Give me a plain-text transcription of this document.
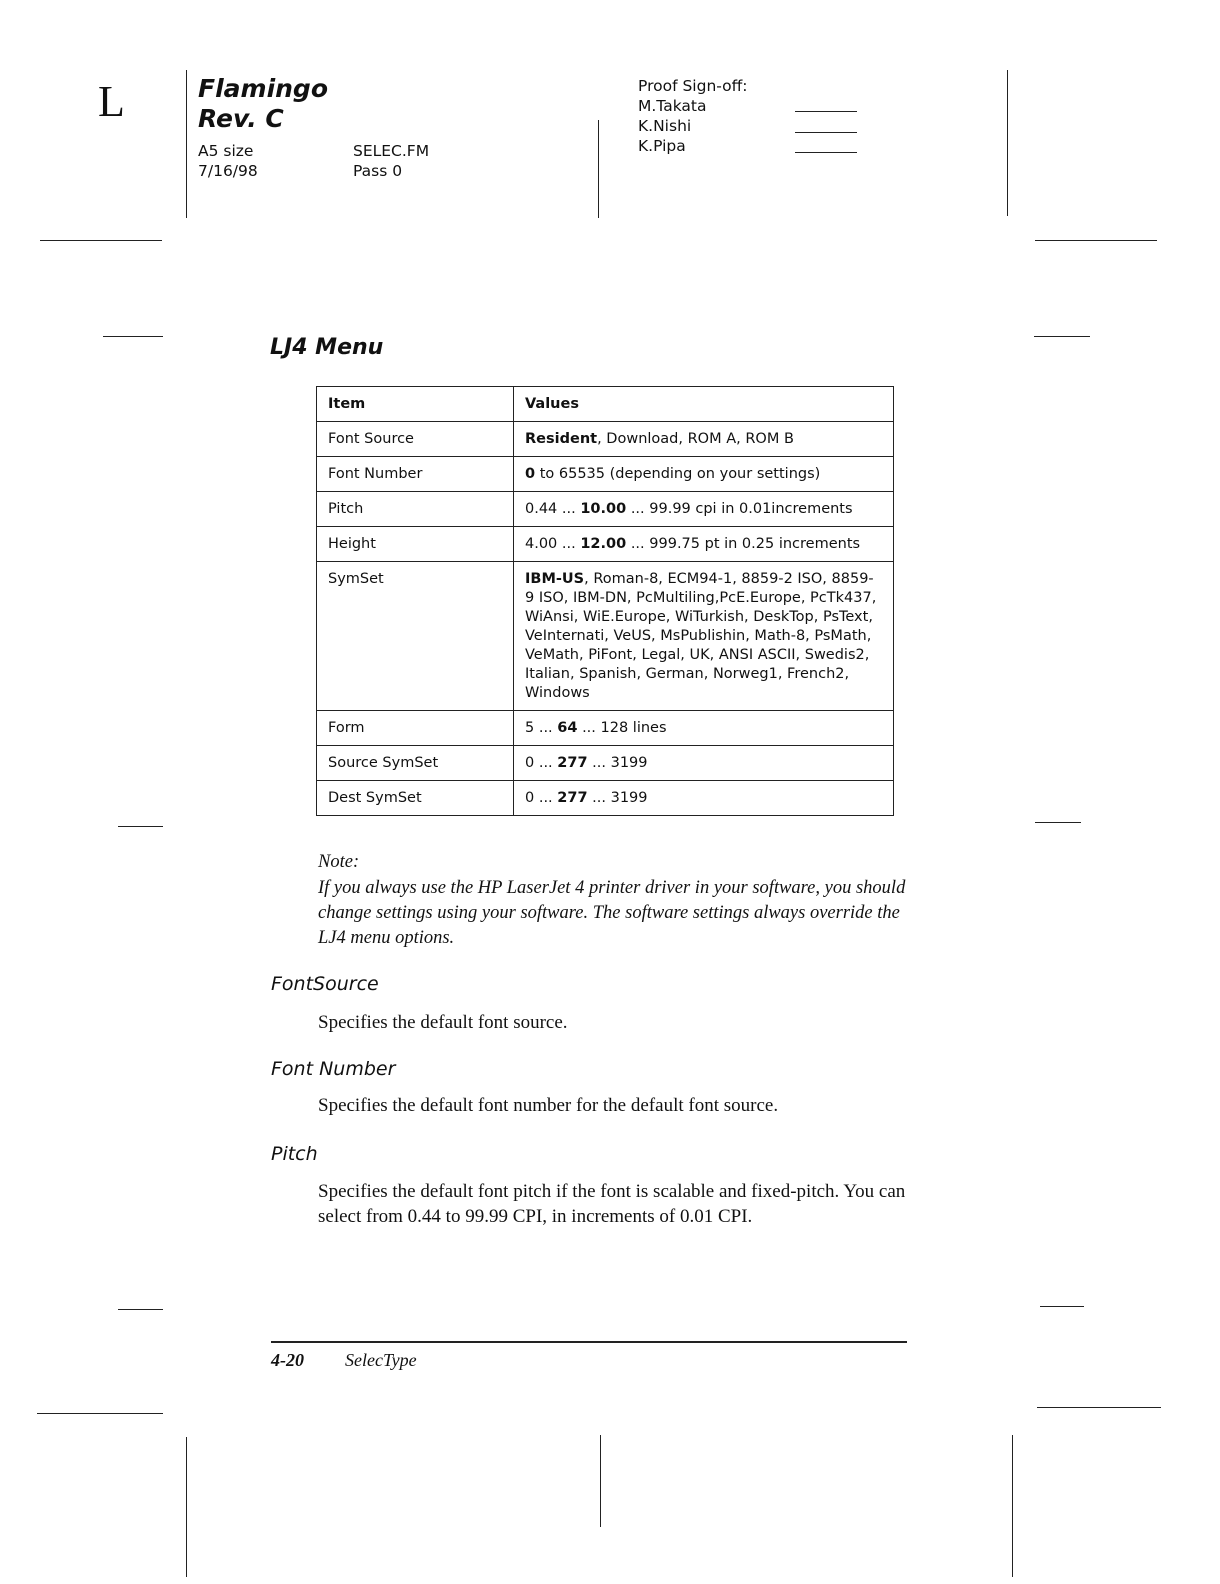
L	Flamingo
Rev. C
A5 size	SELEC.FM
7/16/98	Pass 0
Proof Sign-off:
M.Takata
K.Nishi
K.Pipa
LJ4 Menu
Item	Values
Font Source	Resident, Download, ROM A, ROM B
Font Number	0 to 65535 (depending on your settings)
Pitch	0.44 ... 10.00 ... 99.99 cpi in 0.01increments
Height	4.00 ... 12.00 ... 999.75 pt in 0.25 increments
SymSet	IBM-US, Roman-8, ECM94-1, 8859-2 ISO, 8859-9 ISO, IBM-DN, PcMultiling,PcE.Europe, PcTk437, WiAnsi, WiE.Europe, WiTurkish, DeskTop, PsText, VeInternati, VeUS, MsPublishin, Math-8, PsMath, VeMath, PiFont, Legal, UK, ANSI ASCII, Swedis2, Italian, Spanish, German, Norweg1, French2, Windows
Form	5 ... 64 ... 128 lines
Source SymSet	0 ... 277 ... 3199
Dest SymSet	0 ... 277 ... 3199
Note:
If you always use the HP LaserJet 4 printer driver in your software, you should change settings using your software. The software settings always override the LJ4 menu options.
FontSource
Specifies the default font source.
Font Number
Specifies the default font number for the default font source.
Pitch
Specifies the default font pitch if the font is scalable and fixed-pitch. You can select from 0.44 to 99.99 CPI, in increments of 0.01 CPI.
4-20 SelecType
